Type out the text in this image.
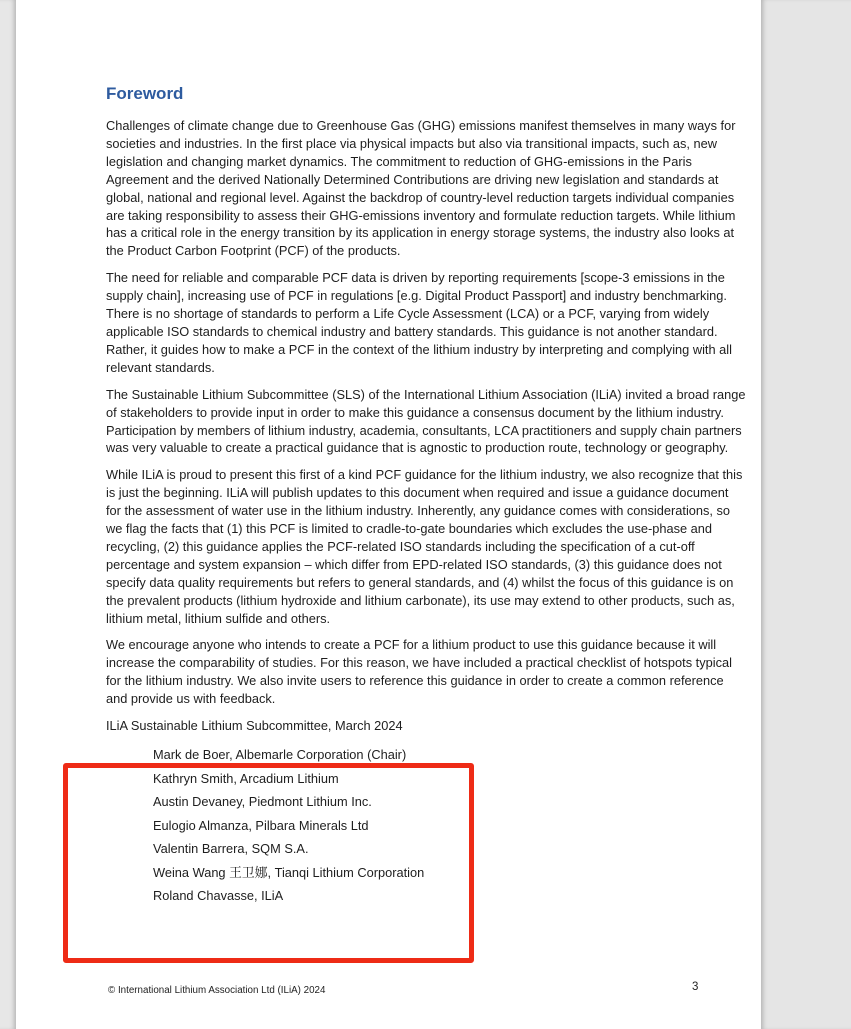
Foreword

Challenges of climate change due to Greenhouse Gas (GHG) emissions manifest themselves in many ways for societies and industries. In the first place via physical impacts but also via transitional impacts, such as, new legislation and changing market dynamics. The commitment to reduction of GHG-emissions in the Paris Agreement and the derived Nationally Determined Contributions are driving new legislation and standards at global, national and regional level. Against the backdrop of country-level reduction targets individual companies are taking responsibility to assess their GHG-emissions inventory and formulate reduction targets. While lithium has a critical role in the energy transition by its application in energy storage systems, the industry also looks at the Product Carbon Footprint (PCF) of the products.

The need for reliable and comparable PCF data is driven by reporting requirements [scope-3 emissions in the supply chain], increasing use of PCF in regulations [e.g. Digital Product Passport] and industry benchmarking. There is no shortage of standards to perform a Life Cycle Assessment (LCA) or a PCF, varying from widely applicable ISO standards to chemical industry and battery standards. This guidance is not another standard. Rather, it guides how to make a PCF in the context of the lithium industry by interpreting and complying with all relevant standards.

The Sustainable Lithium Subcommittee (SLS) of the International Lithium Association (ILiA) invited a broad range of stakeholders to provide input in order to make this guidance a consensus document by the lithium industry. Participation by members of lithium industry, academia, consultants, LCA practitioners and supply chain partners was very valuable to create a practical guidance that is agnostic to production route, technology or geography.

While ILiA is proud to present this first of a kind PCF guidance for the lithium industry, we also recognize that this is just the beginning. ILiA will publish updates to this document when required and issue a guidance document for the assessment of water use in the lithium industry. Inherently, any guidance comes with considerations, so we flag the facts that (1) this PCF is limited to cradle-to-gate boundaries which excludes the use-phase and recycling, (2) this guidance applies the PCF-related ISO standards including the specification of a cut-off percentage and system expansion – which differ from EPD-related ISO standards, (3) this guidance does not specify data quality requirements but refers to general standards, and (4) whilst the focus of this guidance is on the prevalent products (lithium hydroxide and lithium carbonate), its use may extend to other products, such as, lithium metal, lithium sulfide and others.

We encourage anyone who intends to create a PCF for a lithium product to use this guidance because it will increase the comparability of studies. For this reason, we have included a practical checklist of hotspots typical for the lithium industry. We also invite users to reference this guidance in order to create a common reference and provide us with feedback.

ILiA Sustainable Lithium Subcommittee, March 2024
Mark de Boer, Albemarle Corporation (Chair)
Kathryn Smith, Arcadium Lithium
Austin Devaney, Piedmont Lithium Inc.
Eulogio Almanza, Pilbara Minerals Ltd
Valentin Barrera, SQM S.A.
Weina Wang 王卫娜, Tianqi Lithium Corporation
Roland Chavasse, ILiA
© International Lithium Association Ltd (ILiA) 2024	3
